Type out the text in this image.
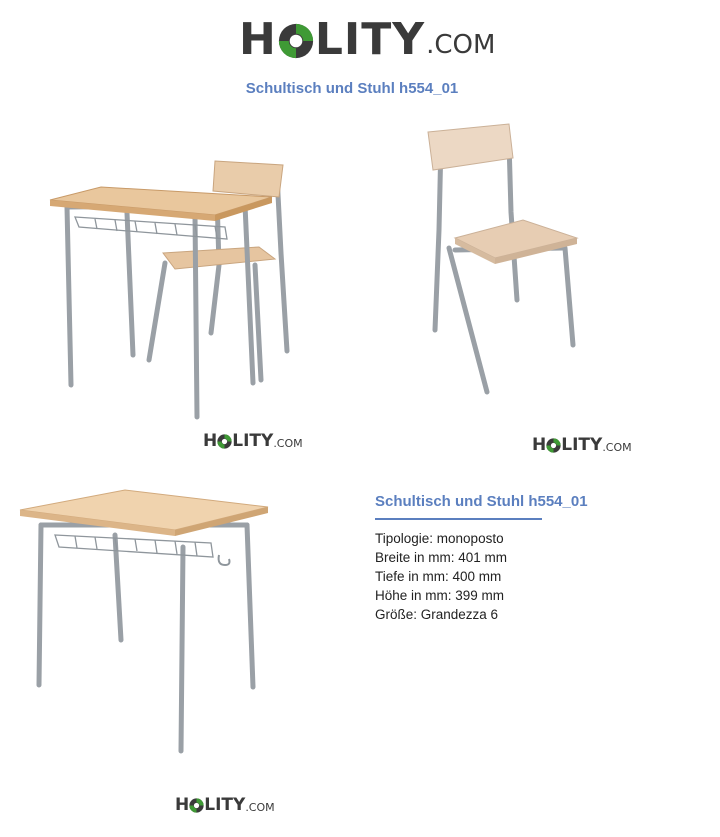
H LITY .COM
Schultisch und Stuhl h554_01
H LITY .COM	H LITY .COM
H LITY .COM
Schultisch und Stuhl h554_01
Tipologie: monoposto
Breite in mm: 401 mm
Tiefe in mm: 400 mm
Höhe in mm: 399 mm
Größe: Grandezza 6
